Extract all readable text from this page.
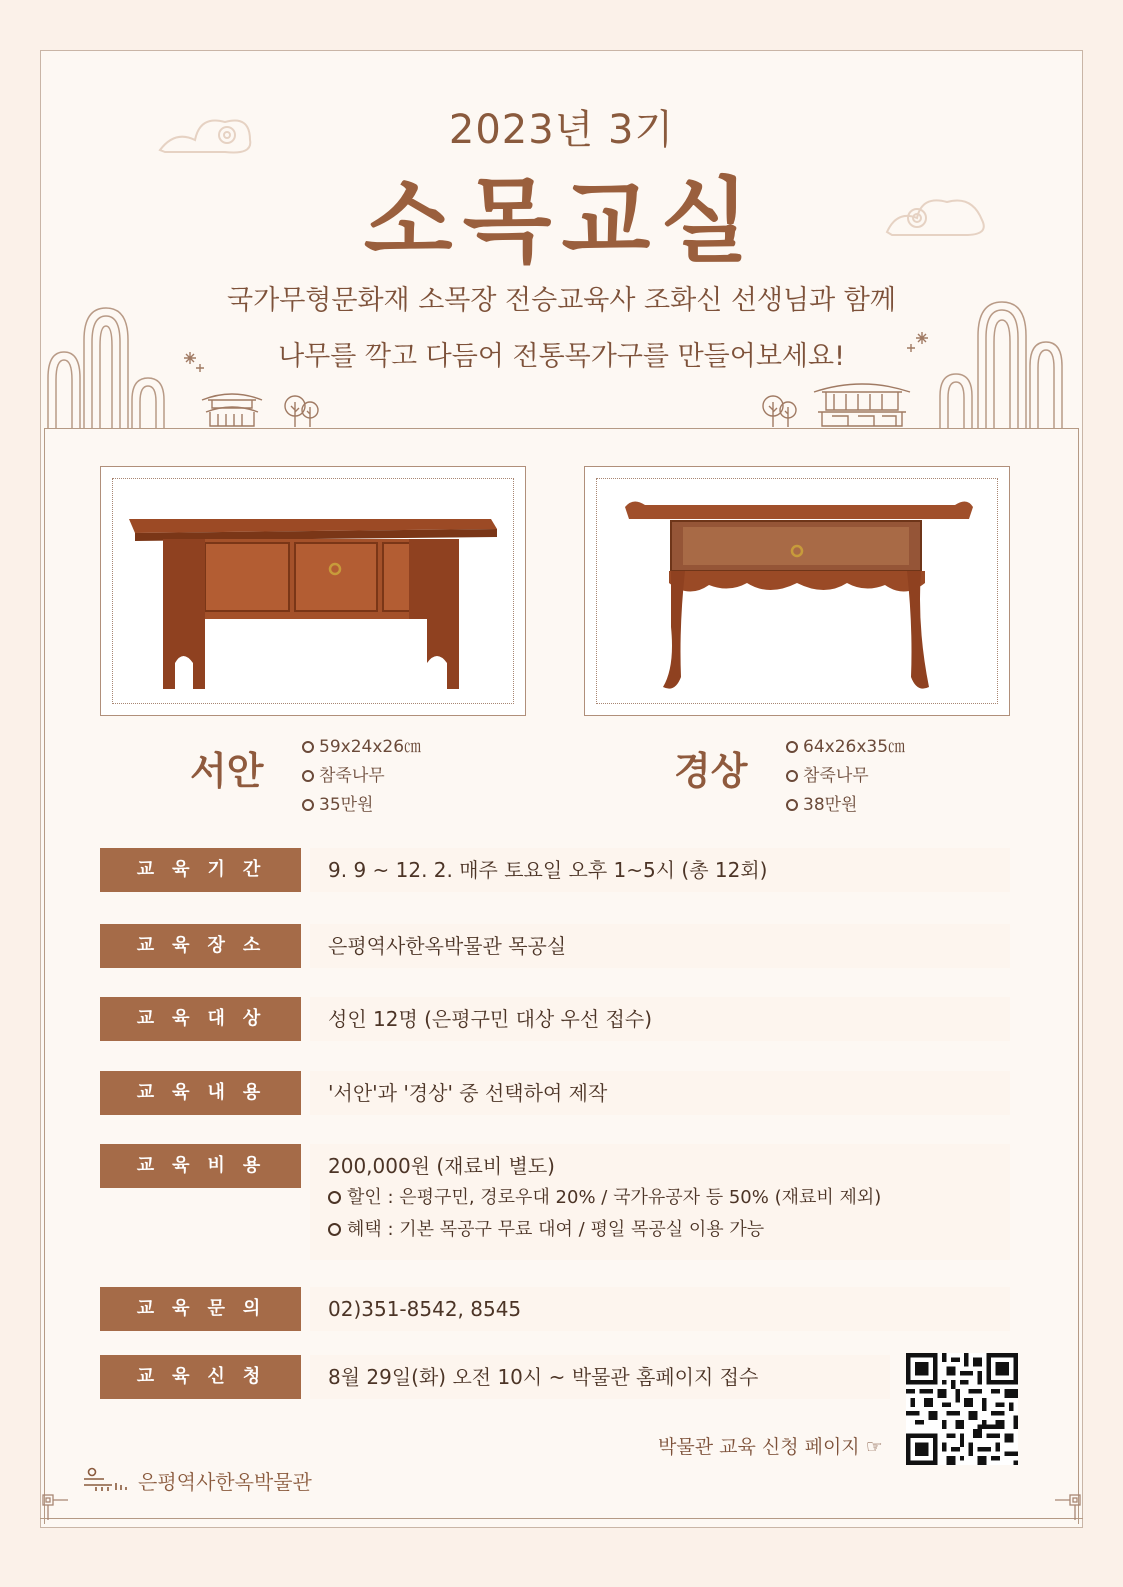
2023년 3기
소목교실
국가무형문화재 소목장 전승교육사 조화신 선생님과 함께
나무를 깍고 다듬어 전통목가구를 만들어보세요!
서안
59x24x26㎝
참죽나무
35만원
경상
64x26x35㎝
참죽나무
38만원
교육기간	9. 9 ~ 12. 2. 매주 토요일 오후 1~5시 (총 12회)
교육장소	은평역사한옥박물관 목공실
교육대상	성인 12명 (은평구민 대상 우선 접수)
교육내용	'서안'과 '경상' 중 선택하여 제작
교육비용	200,000원 (재료비 별도)
할인 : 은평구민, 경로우대 20% / 국가유공자 등 50% (재료비 제외)
혜택 : 기본 목공구 무료 대여 / 평일 목공실 이용 가능
교육문의	02)351-8542, 8545
교육신청	8월 29일(화) 오전 10시 ~ 박물관 홈페이지 접수
박물관 교육 신청 페이지 ☞
은평역사한옥박물관
